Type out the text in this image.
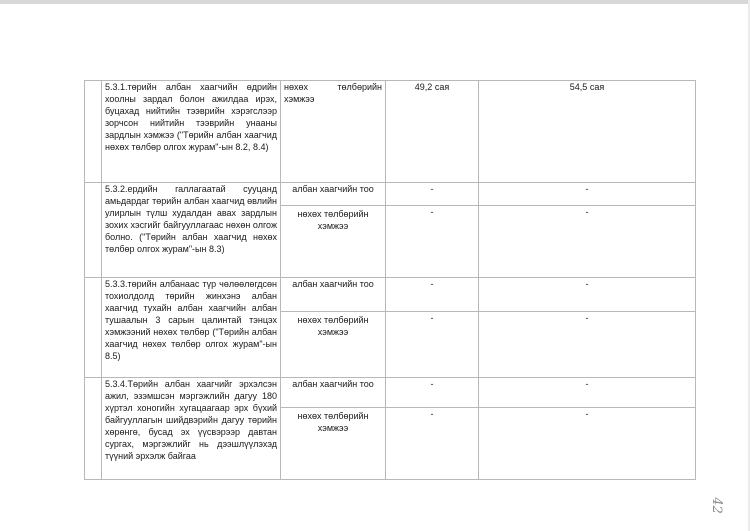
	5.3.1.төрийн албан хаагчийн өдрийн хоолны зардал болон ажилдаа ирэх, буцахад нийтийн тээврийн хэрэгслээр зорчсон нийтийн тээврийн унааны зардлын хэмжээ ("Төрийн албан хаагчид нөхөх төлбөр олгох журам"-ын 8.2, 8.4)	нөхөх төлбөрийн хэмжээ	49,2 сая	54,5 сая
	5.3.2.ердийн галлагаатай сууцанд амьдардаг төрийн албан хаагчид өвлийн улирлын түлш худалдан авах зардлын зохих хэсгийг байгууллагаас нөхөн олгож болно. ("Төрийн албан хаагчид нөхөх төлбөр олгох журам"-ын 8.3)	албан хаагчийн тоо	-	-
		нөхөх төлбөрийн хэмжээ	-	-
	5.3.3.төрийн албанаас түр чөлөөлөгдсөн тохиолдолд төрийн жинхэнэ албан хаагчид тухайн албан хаагчийн албан тушаалын 3 сарын цалинтай тэнцэх хэмжээний нөхөх төлбөр ("Төрийн албан хаагчид нөхөх төлбөр олгох журам"-ын 8.5)	албан хаагчийн тоо	-	-
		нөхөх төлбөрийн хэмжээ	-	-
	5.3.4.Төрийн албан хаагчийг эрхэлсэн ажил, эзэмшсэн мэргэжлийн дагуу 180 хүртэл хоногийн хугацаагаар эрх бүхий байгууллагын шийдвэрийн дагуу төрийн хөрөнгө, бусад эх үүсвэрээр давтан сургах, мэргэжлийг нь дээшлүүлэхэд түүний эрхэлж байгаа	албан хаагчийн тоо	-	-
		нөхөх төлбөрийн хэмжээ	-	-
42
